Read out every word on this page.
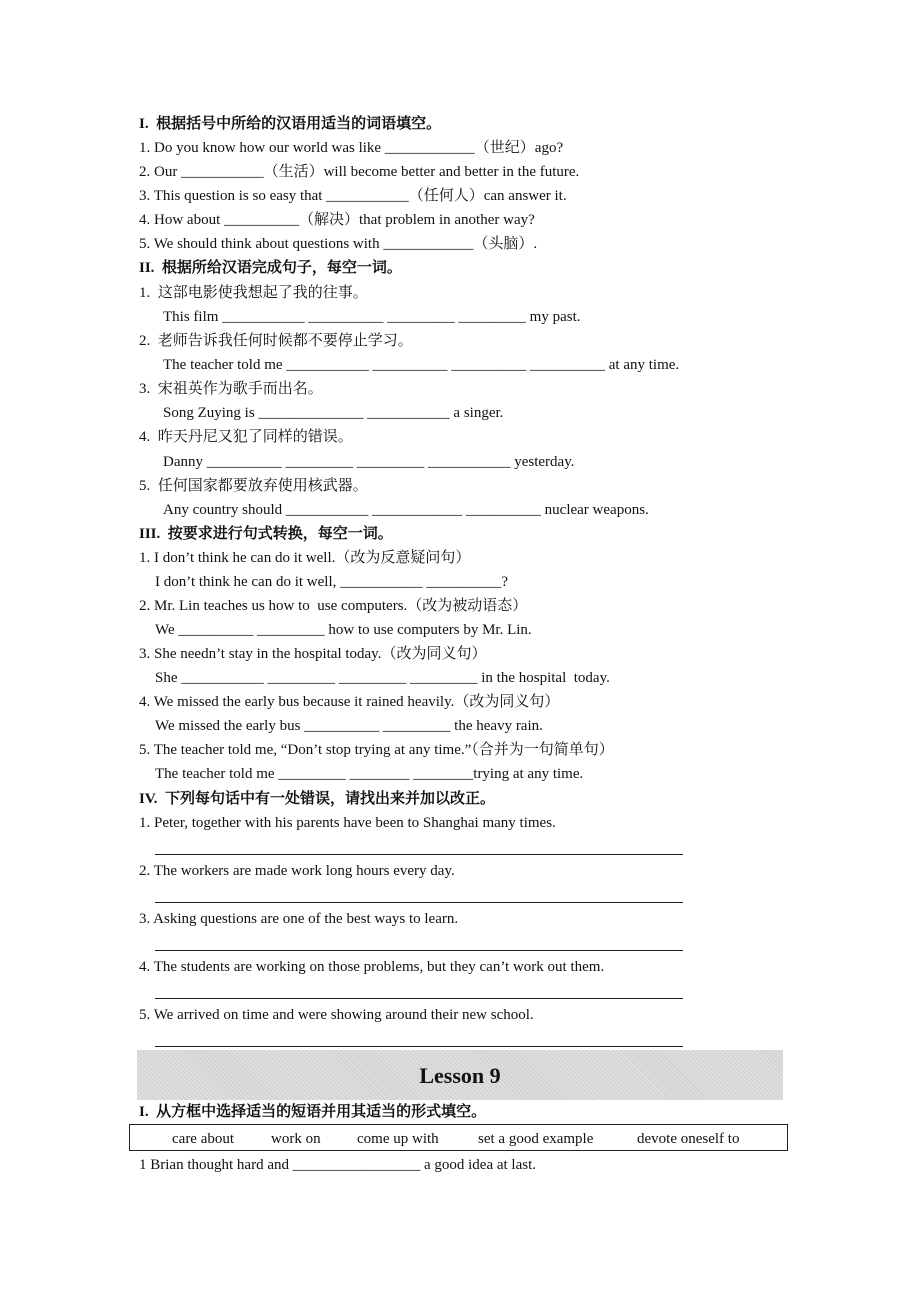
I.  根据括号中所给的汉语用适当的词语填空。

1. Do you know how our world was like ____________（世纪）ago?

2. Our ___________（生活）will become better and better in the future.

3. This question is so easy that ___________（任何人）can answer it.

4. How about __________（解决）that problem in another way?

5. We should think about questions with ____________（头脑）.

II.  根据所给汉语完成句子，每空一词。

1.  这部电影使我想起了我的往事。

This film ___________ __________ _________ _________ my past.

2.  老师告诉我任何时候都不要停止学习。

The teacher told me ___________ __________ __________ __________ at any time.

3.  宋祖英作为歌手而出名。

Song Zuying is ______________ ___________ a singer.

4.  昨天丹尼又犯了同样的错误。

Danny __________ _________ _________ ___________ yesterday.

5.  任何国家都要放弃使用核武器。

Any country should ___________ ____________ __________ nuclear weapons.

III.  按要求进行句式转换，每空一词。

1. I don’t think he can do it well.（改为反意疑问句）

I don’t think he can do it well, ___________ __________?

2. Mr. Lin teaches us how to  use computers.（改为被动语态）

We __________ _________ how to use computers by Mr. Lin.

3. She needn’t stay in the hospital today.（改为同义句）

She ___________ _________ _________ _________ in the hospital  today.

4. We missed the early bus because it rained heavily.（改为同义句）

We missed the early bus __________ _________ the heavy rain.

5. The teacher told me, “Don’t stop trying at any time.”（合并为一句简单句）

The teacher told me _________ ________ ________trying at any time.

IV.  下列每句话中有一处错误，请找出来并加以改正。

1. Peter, together with his parents have been to Shanghai many times.

2. The workers are made work long hours every day.

3. Asking questions are one of the best ways to learn.

4. The students are working on those problems, but they can’t work out them.

5. We arrived on time and were showing around their new school.

Lesson 9

I.  从方框中选择适当的短语并用其适当的形式填空。

care about work on come up with	set a good example	devote oneself to

1 Brian thought hard and _________________ a good idea at last.
